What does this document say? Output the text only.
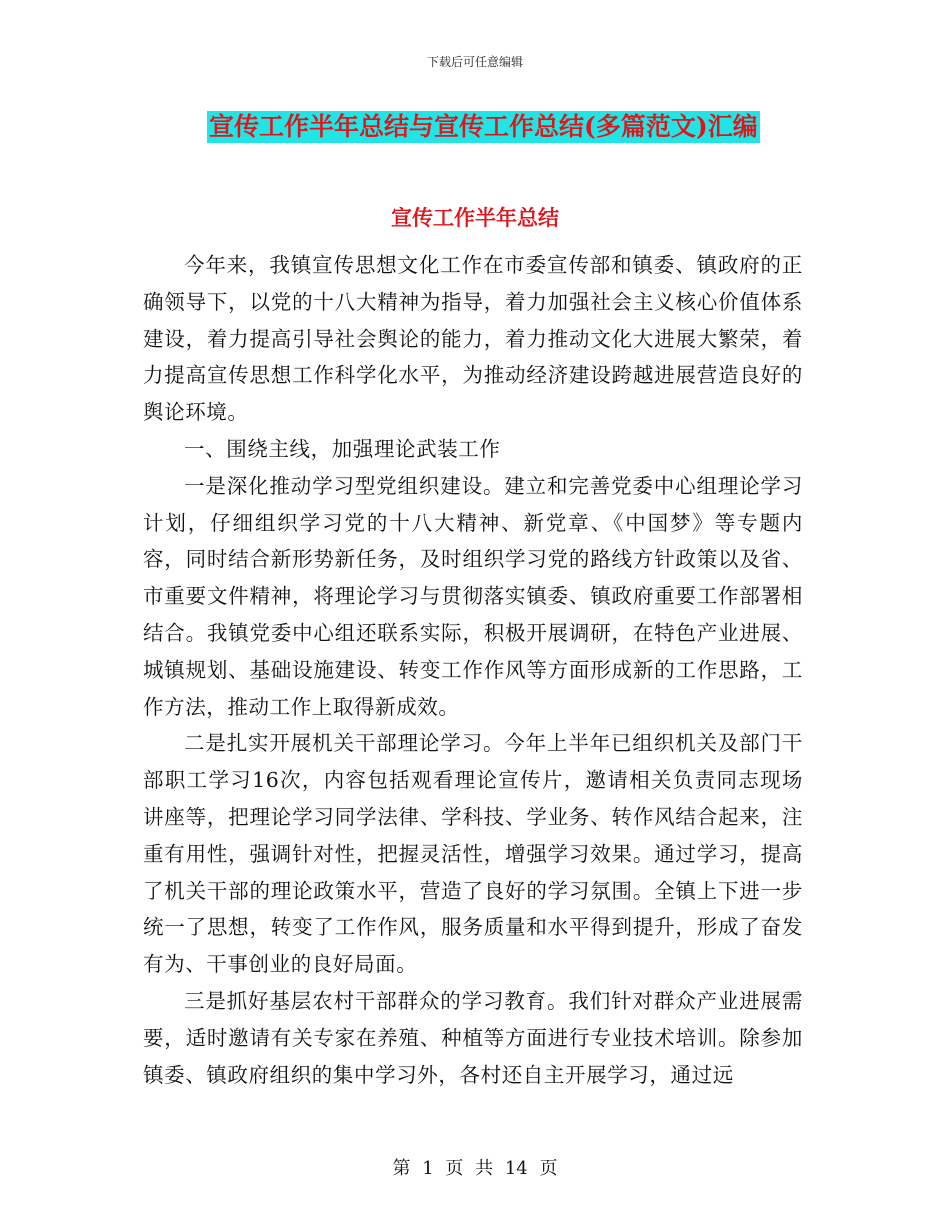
下载后可任意编辑
宣传工作半年总结与宣传工作总结(多篇范文)汇编
宣传工作半年总结

今年来，我镇宣传思想文化工作在市委宣传部和镇委、镇政府的正确领导下，以党的十八大精神为指导，着力加强社会主义核心价值体系建设，着力提高引导社会舆论的能力，着力推动文化大进展大繁荣，着力提高宣传思想工作科学化水平，为推动经济建设跨越进展营造良好的舆论环境。

一、围绕主线，加强理论武装工作

一是深化推动学习型党组织建设。建立和完善党委中心组理论学习计划，仔细组织学习党的十八大精神、新党章、《中国梦》等专题内容，同时结合新形势新任务，及时组织学习党的路线方针政策以及省、市重要文件精神，将理论学习与贯彻落实镇委、镇政府重要工作部署相结合。我镇党委中心组还联系实际，积极开展调研，在特色产业进展、城镇规划、基础设施建设、转变工作作风等方面形成新的工作思路，工作方法，推动工作上取得新成效。

二是扎实开展机关干部理论学习。今年上半年已组织机关及部门干部职工学习16次，内容包括观看理论宣传片，邀请相关负责同志现场讲座等，把理论学习同学法律、学科技、学业务、转作风结合起来，注重有用性，强调针对性，把握灵活性，增强学习效果。通过学习，提高了机关干部的理论政策水平，营造了良好的学习氛围。全镇上下进一步统一了思想，转变了工作作风，服务质量和水平得到提升，形成了奋发有为、干事创业的良好局面。

三是抓好基层农村干部群众的学习教育。我们针对群众产业进展需要，适时邀请有关专家在养殖、种植等方面进行专业技术培训。除参加镇委、镇政府组织的集中学习外，各村还自主开展学习，通过远

第 1 页 共 14 页
